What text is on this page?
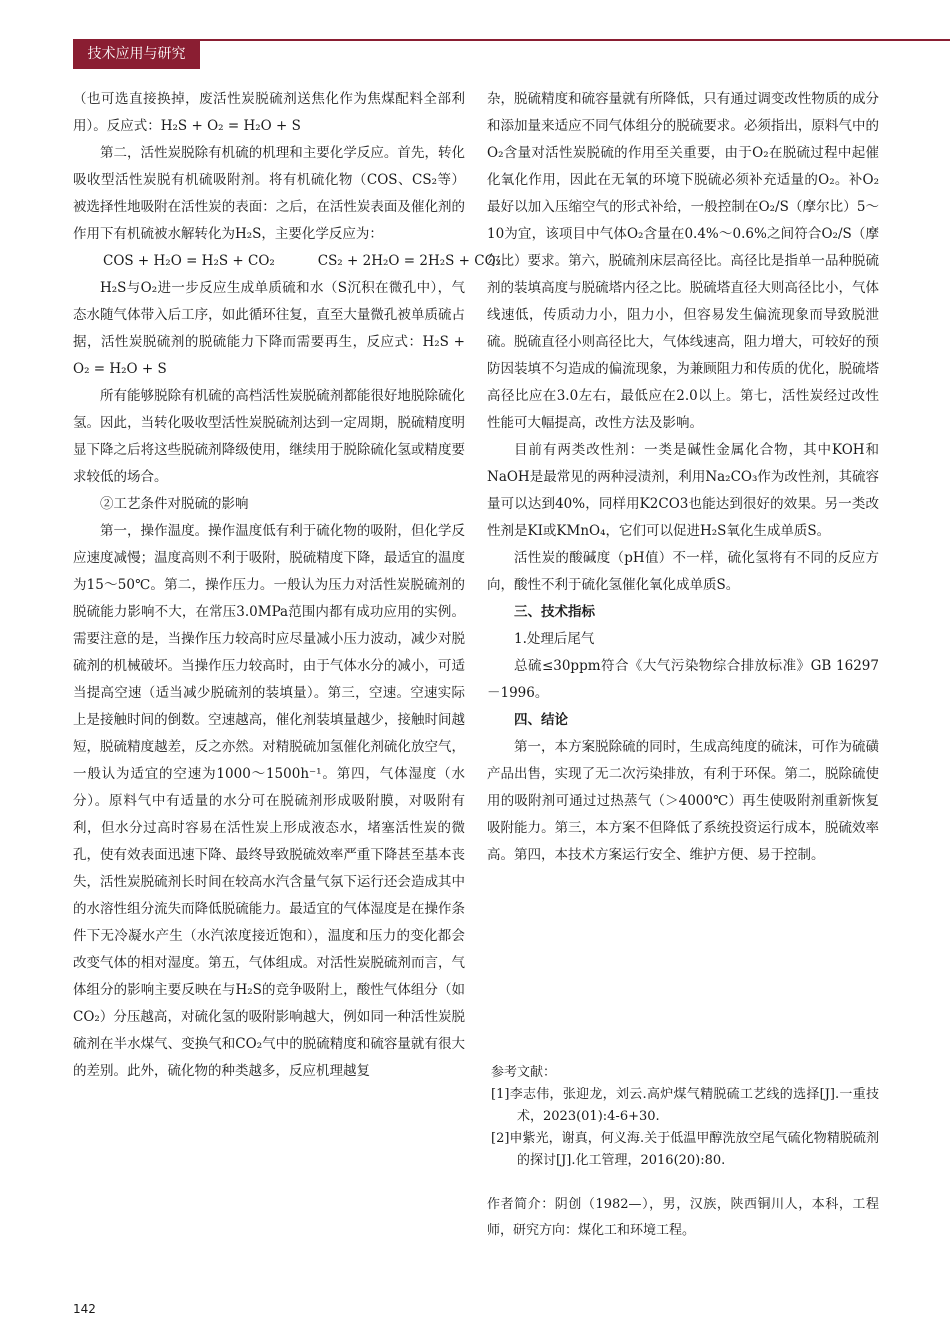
技术应用与研究

（也可选直接换掉，废活性炭脱硫剂送焦化作为焦煤配料全部利用）。反应式：H₂S + O₂ = H₂O + S

第二，活性炭脱除有机硫的机理和主要化学反应。首先，转化吸收型活性炭脱有机硫吸附剂。将有机硫化物（COS、CS₂等）被选择性地吸附在活性炭的表面：之后，在活性炭表面及催化剂的作用下有机硫被水解转化为H₂S，主要化学反应为：

COS + H₂O = H₂S + CO₂          CS₂ + 2H₂O = 2H₂S + CO₂

H₂S与O₂进一步反应生成单质硫和水（S沉积在微孔中），气态水随气体带入后工序，如此循环往复，直至大量微孔被单质硫占据，活性炭脱硫剂的脱硫能力下降而需要再生，反应式：H₂S + O₂ = H₂O + S

所有能够脱除有机硫的高档活性炭脱硫剂都能很好地脱除硫化氢。因此，当转化吸收型活性炭脱硫剂达到一定周期，脱硫精度明显下降之后将这些脱硫剂降级使用，继续用于脱除硫化氢或精度要求较低的场合。

②工艺条件对脱硫的影响

第一，操作温度。操作温度低有利于硫化物的吸附，但化学反应速度减慢；温度高则不利于吸附，脱硫精度下降，最适宜的温度为15～50℃。第二，操作压力。一般认为压力对活性炭脱硫剂的脱硫能力影响不大，在常压3.0MPa范围内都有成功应用的实例。需要注意的是，当操作压力较高时应尽量减小压力波动，减少对脱硫剂的机械破坏。当操作压力较高时，由于气体水分的减小，可适当提高空速（适当减少脱硫剂的装填量）。第三，空速。空速实际上是接触时间的倒数。空速越高，催化剂装填量越少，接触时间越短，脱硫精度越差，反之亦然。对精脱硫加氢催化剂硫化放空气，一般认为适宜的空速为1000～1500h⁻¹。第四，气体湿度（水分）。原料气中有适量的水分可在脱硫剂形成吸附膜，对吸附有利，但水分过高时容易在活性炭上形成液态水，堵塞活性炭的微孔，使有效表面迅速下降、最终导致脱硫效率严重下降甚至基本丧失，活性炭脱硫剂长时间在较高水汽含量气氛下运行还会造成其中的水溶性组分流失而降低脱硫能力。最适宜的气体湿度是在操作条件下无冷凝水产生（水汽浓度接近饱和），温度和压力的变化都会改变气体的相对湿度。第五，气体组成。对活性炭脱硫剂而言，气体组分的影响主要反映在与H₂S的竞争吸附上，酸性气体组分（如CO₂）分压越高，对硫化氢的吸附影响越大，例如同一种活性炭脱硫剂在半水煤气、变换气和CO₂气中的脱硫精度和硫容量就有很大的差别。此外，硫化物的种类越多，反应机理越复

杂，脱硫精度和硫容量就有所降低，只有通过调变改性物质的成分和添加量来适应不同气体组分的脱硫要求。必须指出，原料气中的O₂含量对活性炭脱硫的作用至关重要，由于O₂在脱硫过程中起催化氧化作用，因此在无氧的环境下脱硫必须补充适量的O₂。补O₂最好以加入压缩空气的形式补给，一般控制在O₂/S（摩尔比）5～10为宜，该项目中气体O₂含量在0.4%～0.6%之间符合O₂/S（摩尔比）要求。第六，脱硫剂床层高径比。高径比是指单一品种脱硫剂的装填高度与脱硫塔内径之比。脱硫塔直径大则高径比小，气体线速低，传质动力小，阻力小，但容易发生偏流现象而导致脱泄硫。脱硫直径小则高径比大，气体线速高，阻力增大，可较好的预防因装填不匀造成的偏流现象，为兼顾阻力和传质的优化，脱硫塔高径比应在3.0左右，最低应在2.0以上。第七，活性炭经过改性性能可大幅提高，改性方法及影响。

目前有两类改性剂：一类是碱性金属化合物，其中KOH和NaOH是最常见的两种浸渍剂，利用Na₂CO₃作为改性剂，其硫容量可以达到40%，同样用K2CO3也能达到很好的效果。另一类改性剂是KI或KMnO₄，它们可以促进H₂S氧化生成单质S。

活性炭的酸碱度（pH值）不一样，硫化氢将有不同的反应方向，酸性不利于硫化氢催化氧化成单质S。

三、技术指标

1.处理后尾气

总硫≤30ppm符合《大气污染物综合排放标准》GB 16297－1996。

四、结论

第一，本方案脱除硫的同时，生成高纯度的硫沫，可作为硫磺产品出售，实现了无二次污染排放，有利于环保。第二，脱除硫使用的吸附剂可通过过热蒸气（＞4000℃）再生使吸附剂重新恢复吸附能力。第三，本方案不但降低了系统投资运行成本，脱硫效率高。第四，本技术方案运行安全、维护方便、易于控制。

参考文献：

[1]李志伟，张迎龙，刘云.高炉煤气精脱硫工艺线的选择[J].一重技术，2023(01):4-6+30.

[2]申紫光，谢真，何义海.关于低温甲醇洗放空尾气硫化物精脱硫剂的探讨[J].化工管理，2016(20):80.

作者简介：阴创（1982—），男，汉族，陕西铜川人，本科，工程师，研究方向：煤化工和环境工程。
142
